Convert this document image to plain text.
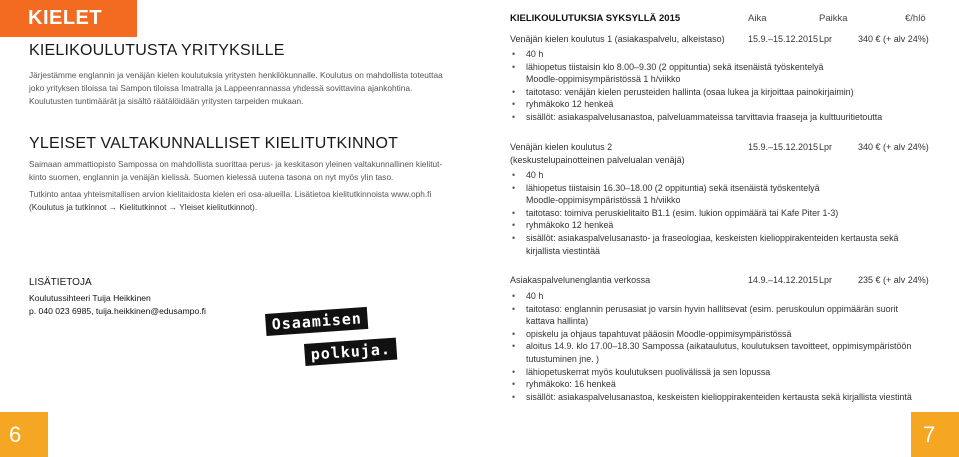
KIELET
KIELIKOULUTUSTA YRITYKSILLE
Järjestämme englannin ja venäjän kielen koulutuksia yritysten henkilökunnalle. Koulutus on mahdollista toteuttaa
joko yrityksen tiloissa tai Sampon tiloissa Imatralla ja Lappeenrannassa yhdessä sovittavina ajankohtina.
Koulutusten tuntimäärät ja sisältö räätälöidään yritysten tarpeiden mukaan.
YLEISET VALTAKUNNALLISET KIELITUTKINNOT
Saimaan ammattiopisto Sampossa on mahdollista suorittaa perus- ja keskitason yleinen valtakunnallinen kielitut-
kinto suomen, englannin ja venäjän kielissä. Suomen kielessä uutena tasona on nyt myös ylin taso.
Tutkinto antaa yhteismitallisen arvion kielitaidosta kielen eri osa-alueilla. Lisätietoa kielitutkinnoista www.oph.fi
(Koulutus ja tutkinnot → Kielitutkinnot → Yleiset kielitutkinnot).
LISÄTIETOJA
Koulutussihteeri Tuija Heikkinen
p. 040 023 6985, tuija.heikkinen@edusampo.fi	Osaamisen
polkuja.
6
KIELIKOULUTUKSIA SYKSYLLÄ 2015	Aika	Paikka	€/hlö
Venäjän kielen koulutus 1 (asiakaspalvelu, alkeistaso)	15.9.–15.12.2015 Lpr	340 € (+ alv 24%)
• 40 h
• lähiopetus tiistaisin klo 8.00–9.30 (2 oppituntia) sekä itsenäistä työskentelyä
Moodle-oppimisympäristössä 1 h/viikko
• taitotaso: venäjän kielen perusteiden hallinta (osaa lukea ja kirjoittaa painokirjaimin)
• ryhmäkoko 12 henkeä
• sisällöt: asiakaspalvelusanastoa, palveluammateissa tarvittavia fraaseja ja kulttuuritietoutta
Venäjän kielen koulutus 2
(keskustelupainotteinen palvelualan venäjä)
15.9.–15.12.2015 Lpr	340 € (+ alv 24%)
• 40 h
• lähiopetus tiistaisin 16.30–18.00 (2 oppituntia) sekä itsenäistä työskentelyä
Moodle-oppimisympäristössä 1 h/viikko
• taitotaso: toimiva peruskielitaito B1.1 (esim. lukion oppimäärä tai Kafe Piter 1-3)
• ryhmäkoko 12 henkeä
• sisällöt: asiakaspalvelusanasto- ja fraseologiaa, keskeisten kielioppirakenteiden kertausta sekä
kirjallista viestintää
Asiakaspalvelunenglantia verkossa	14.9.–14.12.2015 Lpr	235 € (+ alv 24%)
• 40 h
• taitotaso: englannin perusasiat jo varsin hyvin hallitsevat (esim. peruskoulun oppimäärän suorit
kattava hallinta)
• opiskelu ja ohjaus tapahtuvat pääosin Moodle-oppimisympäristössä
• aloitus 14.9. klo 17.00–18.30 Sampossa (aikataulutus, koulutuksen tavoitteet, oppimisympäristöön
tutustuminen jne. )
• lähiopetuskerrat myös koulutuksen puolivälissä ja sen lopussa
• ryhmäkoko: 16 henkeä
• sisällöt: asiakaspalvelusanastoa, keskeisten kielioppirakenteiden kertausta sekä kirjallista viestintä
7
